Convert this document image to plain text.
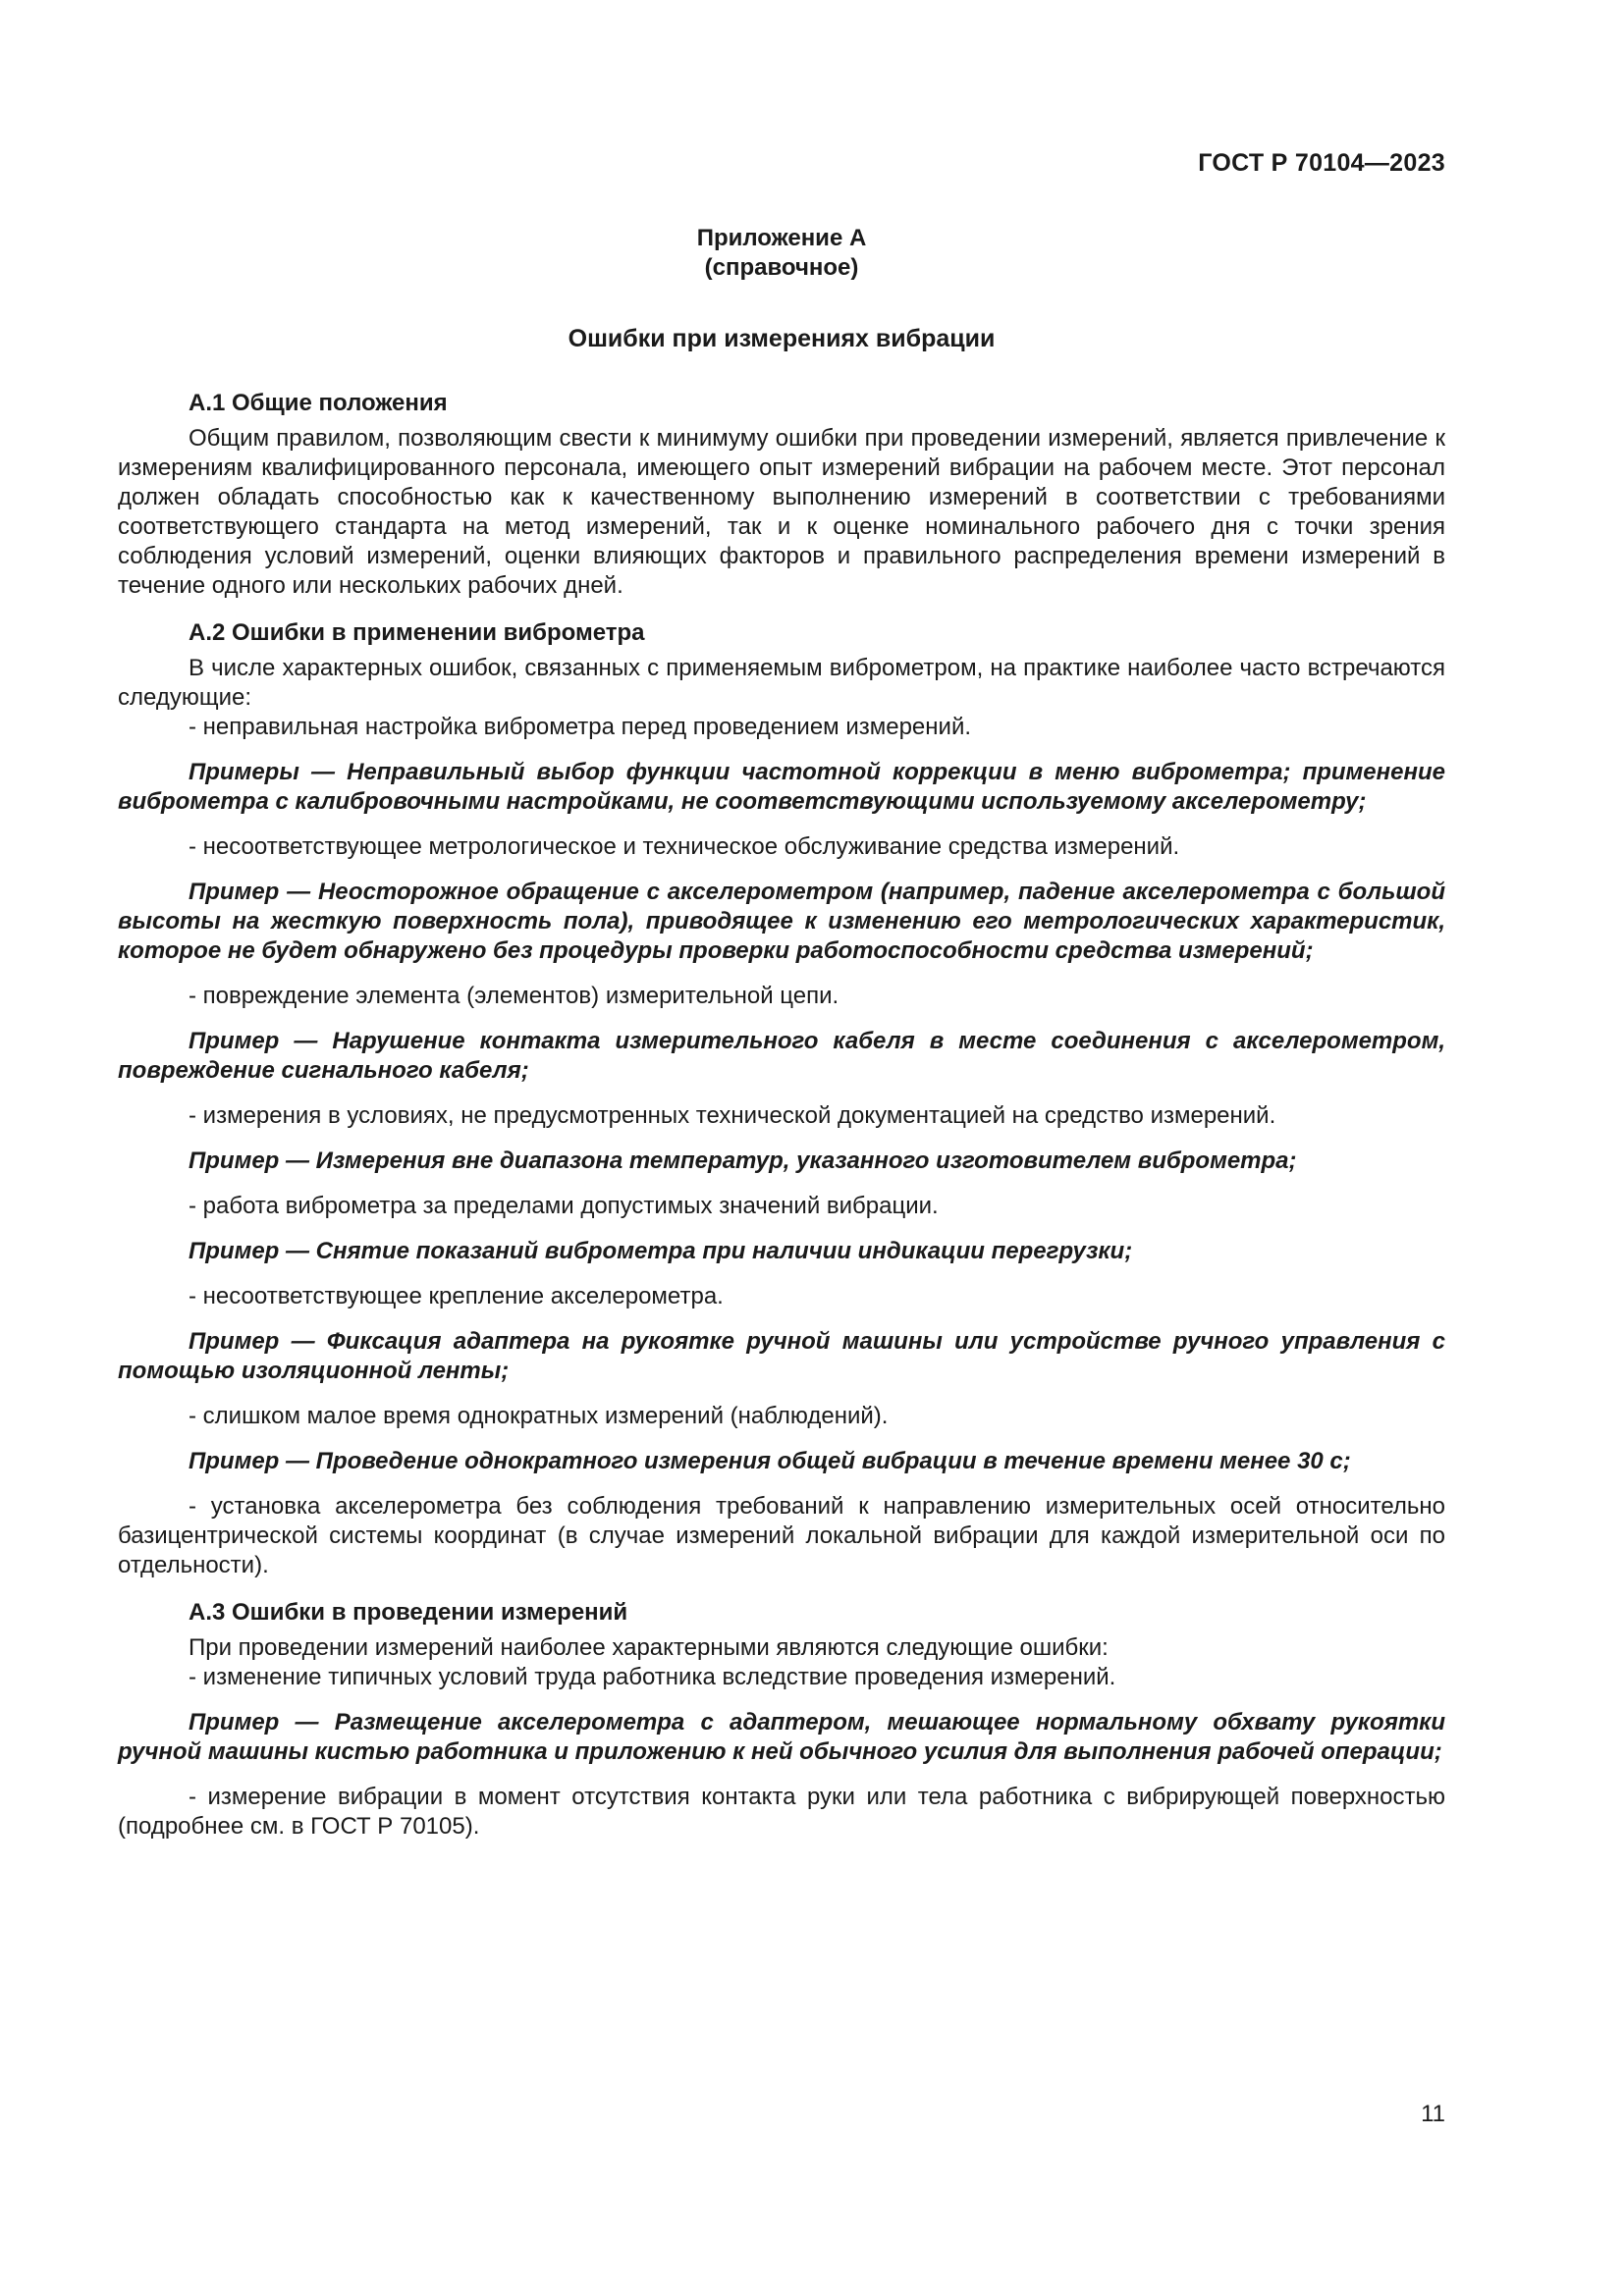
ГОСТ Р 70104—2023
Приложение А
(справочное)
Ошибки при измерениях вибрации
А.1 Общие положения

Общим правилом, позволяющим свести к минимуму ошибки при проведении измерений, является привлечение к измерениям квалифицированного персонала, имеющего опыт измерений вибрации на рабочем месте. Этот персонал должен обладать способностью как к качественному выполнению измерений в соответствии с требованиями соответствующего стандарта на метод измерений, так и к оценке номинального рабочего дня с точки зрения соблюдения условий измерений, оценки влияющих факторов и правильного распределения времени измерений в течение одного или нескольких рабочих дней.

А.2 Ошибки в применении виброметра

В числе характерных ошибок, связанных с применяемым виброметром, на практике наиболее часто встречаются следующие:

- неправильная настройка виброметра перед проведением измерений.

Примеры — Неправильный выбор функции частотной коррекции в меню виброметра; применение виброметра с калибровочными настройками, не соответствующими используемому акселерометру;

- несоответствующее метрологическое и техническое обслуживание средства измерений.

Пример — Неосторожное обращение с акселерометром (например, падение акселерометра с большой высоты на жесткую поверхность пола), приводящее к изменению его метрологических характеристик, которое не будет обнаружено без процедуры проверки работоспособности средства измерений;

- повреждение элемента (элементов) измерительной цепи.

Пример — Нарушение контакта измерительного кабеля в месте соединения с акселерометром, повреждение сигнального кабеля;

- измерения в условиях, не предусмотренных технической документацией на средство измерений.

Пример — Измерения вне диапазона температур, указанного изготовителем виброметра;

- работа виброметра за пределами допустимых значений вибрации.

Пример — Снятие показаний виброметра при наличии индикации перегрузки;

- несоответствующее крепление акселерометра.

Пример — Фиксация адаптера на рукоятке ручной машины или устройстве ручного управления с помощью изоляционной ленты;

- слишком малое время однократных измерений (наблюдений).

Пример — Проведение однократного измерения общей вибрации в течение времени менее 30 с;

- установка акселерометра без соблюдения требований к направлению измерительных осей относительно базицентрической системы координат (в случае измерений локальной вибрации для каждой измерительной оси по отдельности).

А.3 Ошибки в проведении измерений

При проведении измерений наиболее характерными являются следующие ошибки:

- изменение типичных условий труда работника вследствие проведения измерений.

Пример — Размещение акселерометра с адаптером, мешающее нормальному обхвату рукоятки ручной машины кистью работника и приложению к ней обычного усилия для выполнения рабочей операции;

- измерение вибрации в момент отсутствия контакта руки или тела работника с вибрирующей поверхностью (подробнее см. в ГОСТ Р 70105).

11
